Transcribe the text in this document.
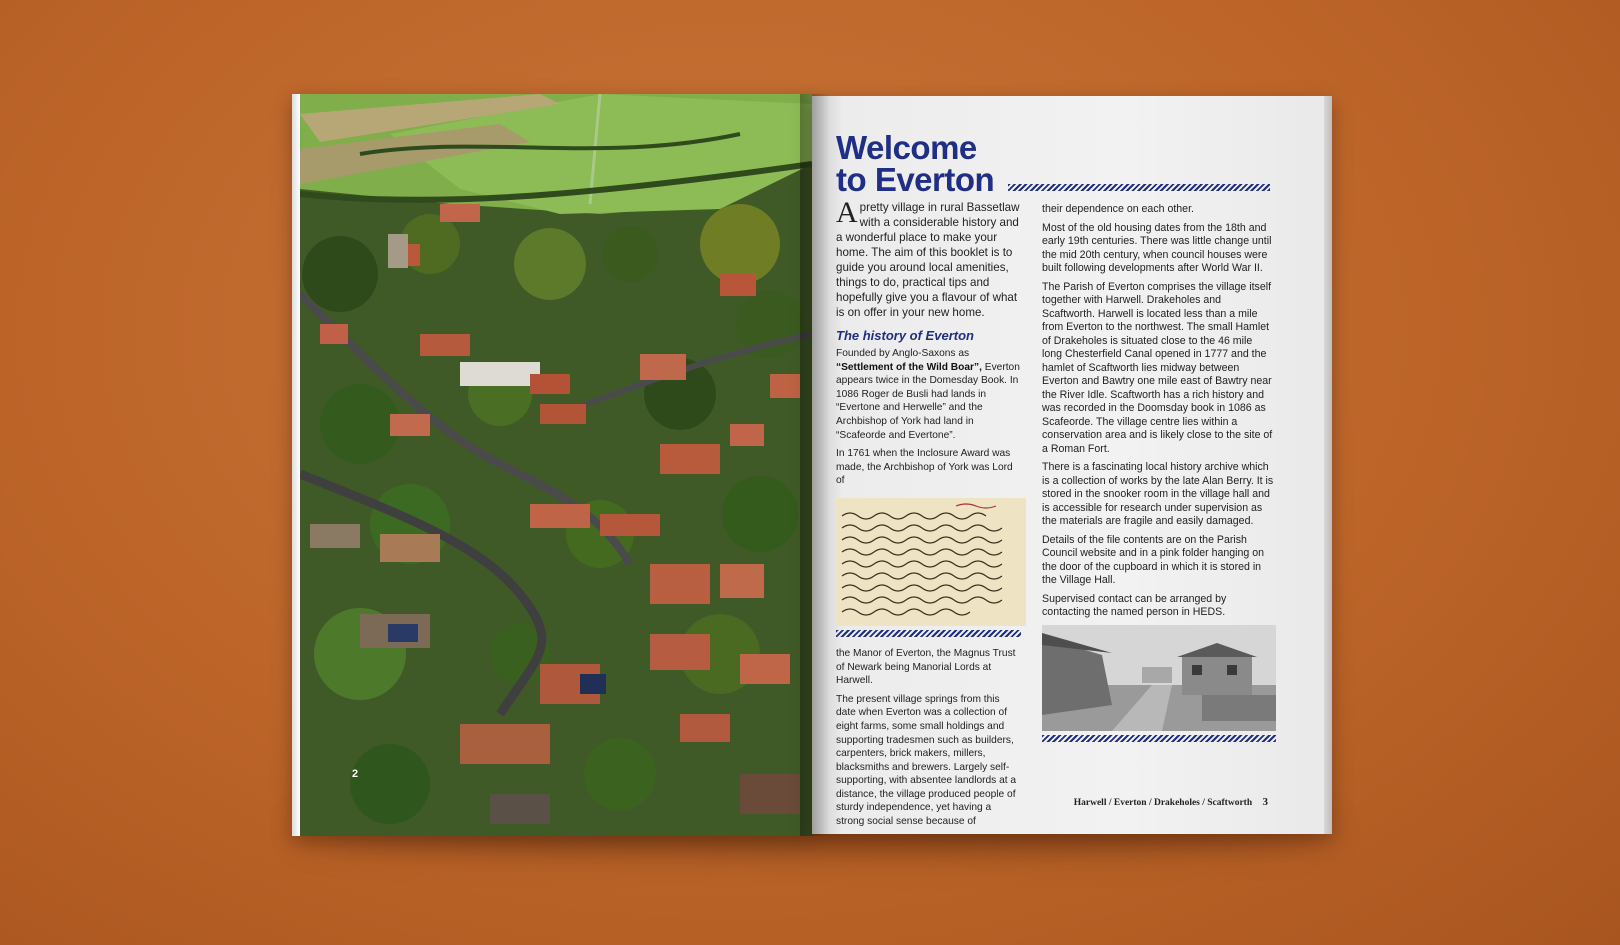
2
Welcome
to Everton

Apretty village in rural Bassetlaw with a considerable history and a wonderful place to make your home. The aim of this booklet is to guide you around local amenities, things to do, practical tips and hopefully give you a flavour of what is on offer in your new home.

The history of Everton

Founded by Anglo-Saxons as “Settlement of the Wild Boar”, Everton appears twice in the Domesday Book. In 1086 Roger de Busli had lands in “Evertone and Herwelle” and the Archbishop of York had land in “Scafeorde and Evertone”.

In 1761 when the Inclosure Award was made, the Archbishop of York was Lord of

the Manor of Everton, the Magnus Trust of Newark being Manorial Lords at Harwell.

The present village springs from this date when Everton was a collection of eight farms, some small holdings and supporting tradesmen such as builders, carpenters, brick makers, millers, blacksmiths and brewers. Largely self-supporting, with absentee landlords at a distance, the village produced people of sturdy independence, yet having a strong social sense because of

their dependence on each other.

Most of the old housing dates from the 18th and early 19th centuries. There was little change until the mid 20th century, when council houses were built following developments after World War II.

The Parish of Everton comprises the village itself together with Harwell. Drakeholes and Scaftworth. Harwell is located less than a mile from Everton to the northwest. The small Hamlet of Drakeholes is situated close to the 46 mile long Chesterfield Canal opened in 1777 and the hamlet of Scaftworth lies midway between Everton and Bawtry one mile east of Bawtry near the River Idle. Scaftworth has a rich history and was recorded in the Doomsday book in 1086 as Scafeorde. The village centre lies within a conservation area and is likely close to the site of a Roman Fort.

There is a fascinating local history archive which is a collection of works by the late Alan Berry. It is stored in the snooker room in the village hall and is accessible for research under supervision as the materials are fragile and easily damaged.

Details of the file contents are on the Parish Council website and in a pink folder hanging on the door of the cupboard in which it is stored in the Village Hall.

Supervised contact can be arranged by contacting the named person in HEDS.

Harwell / Everton / Drakeholes / Scaftworth 3
